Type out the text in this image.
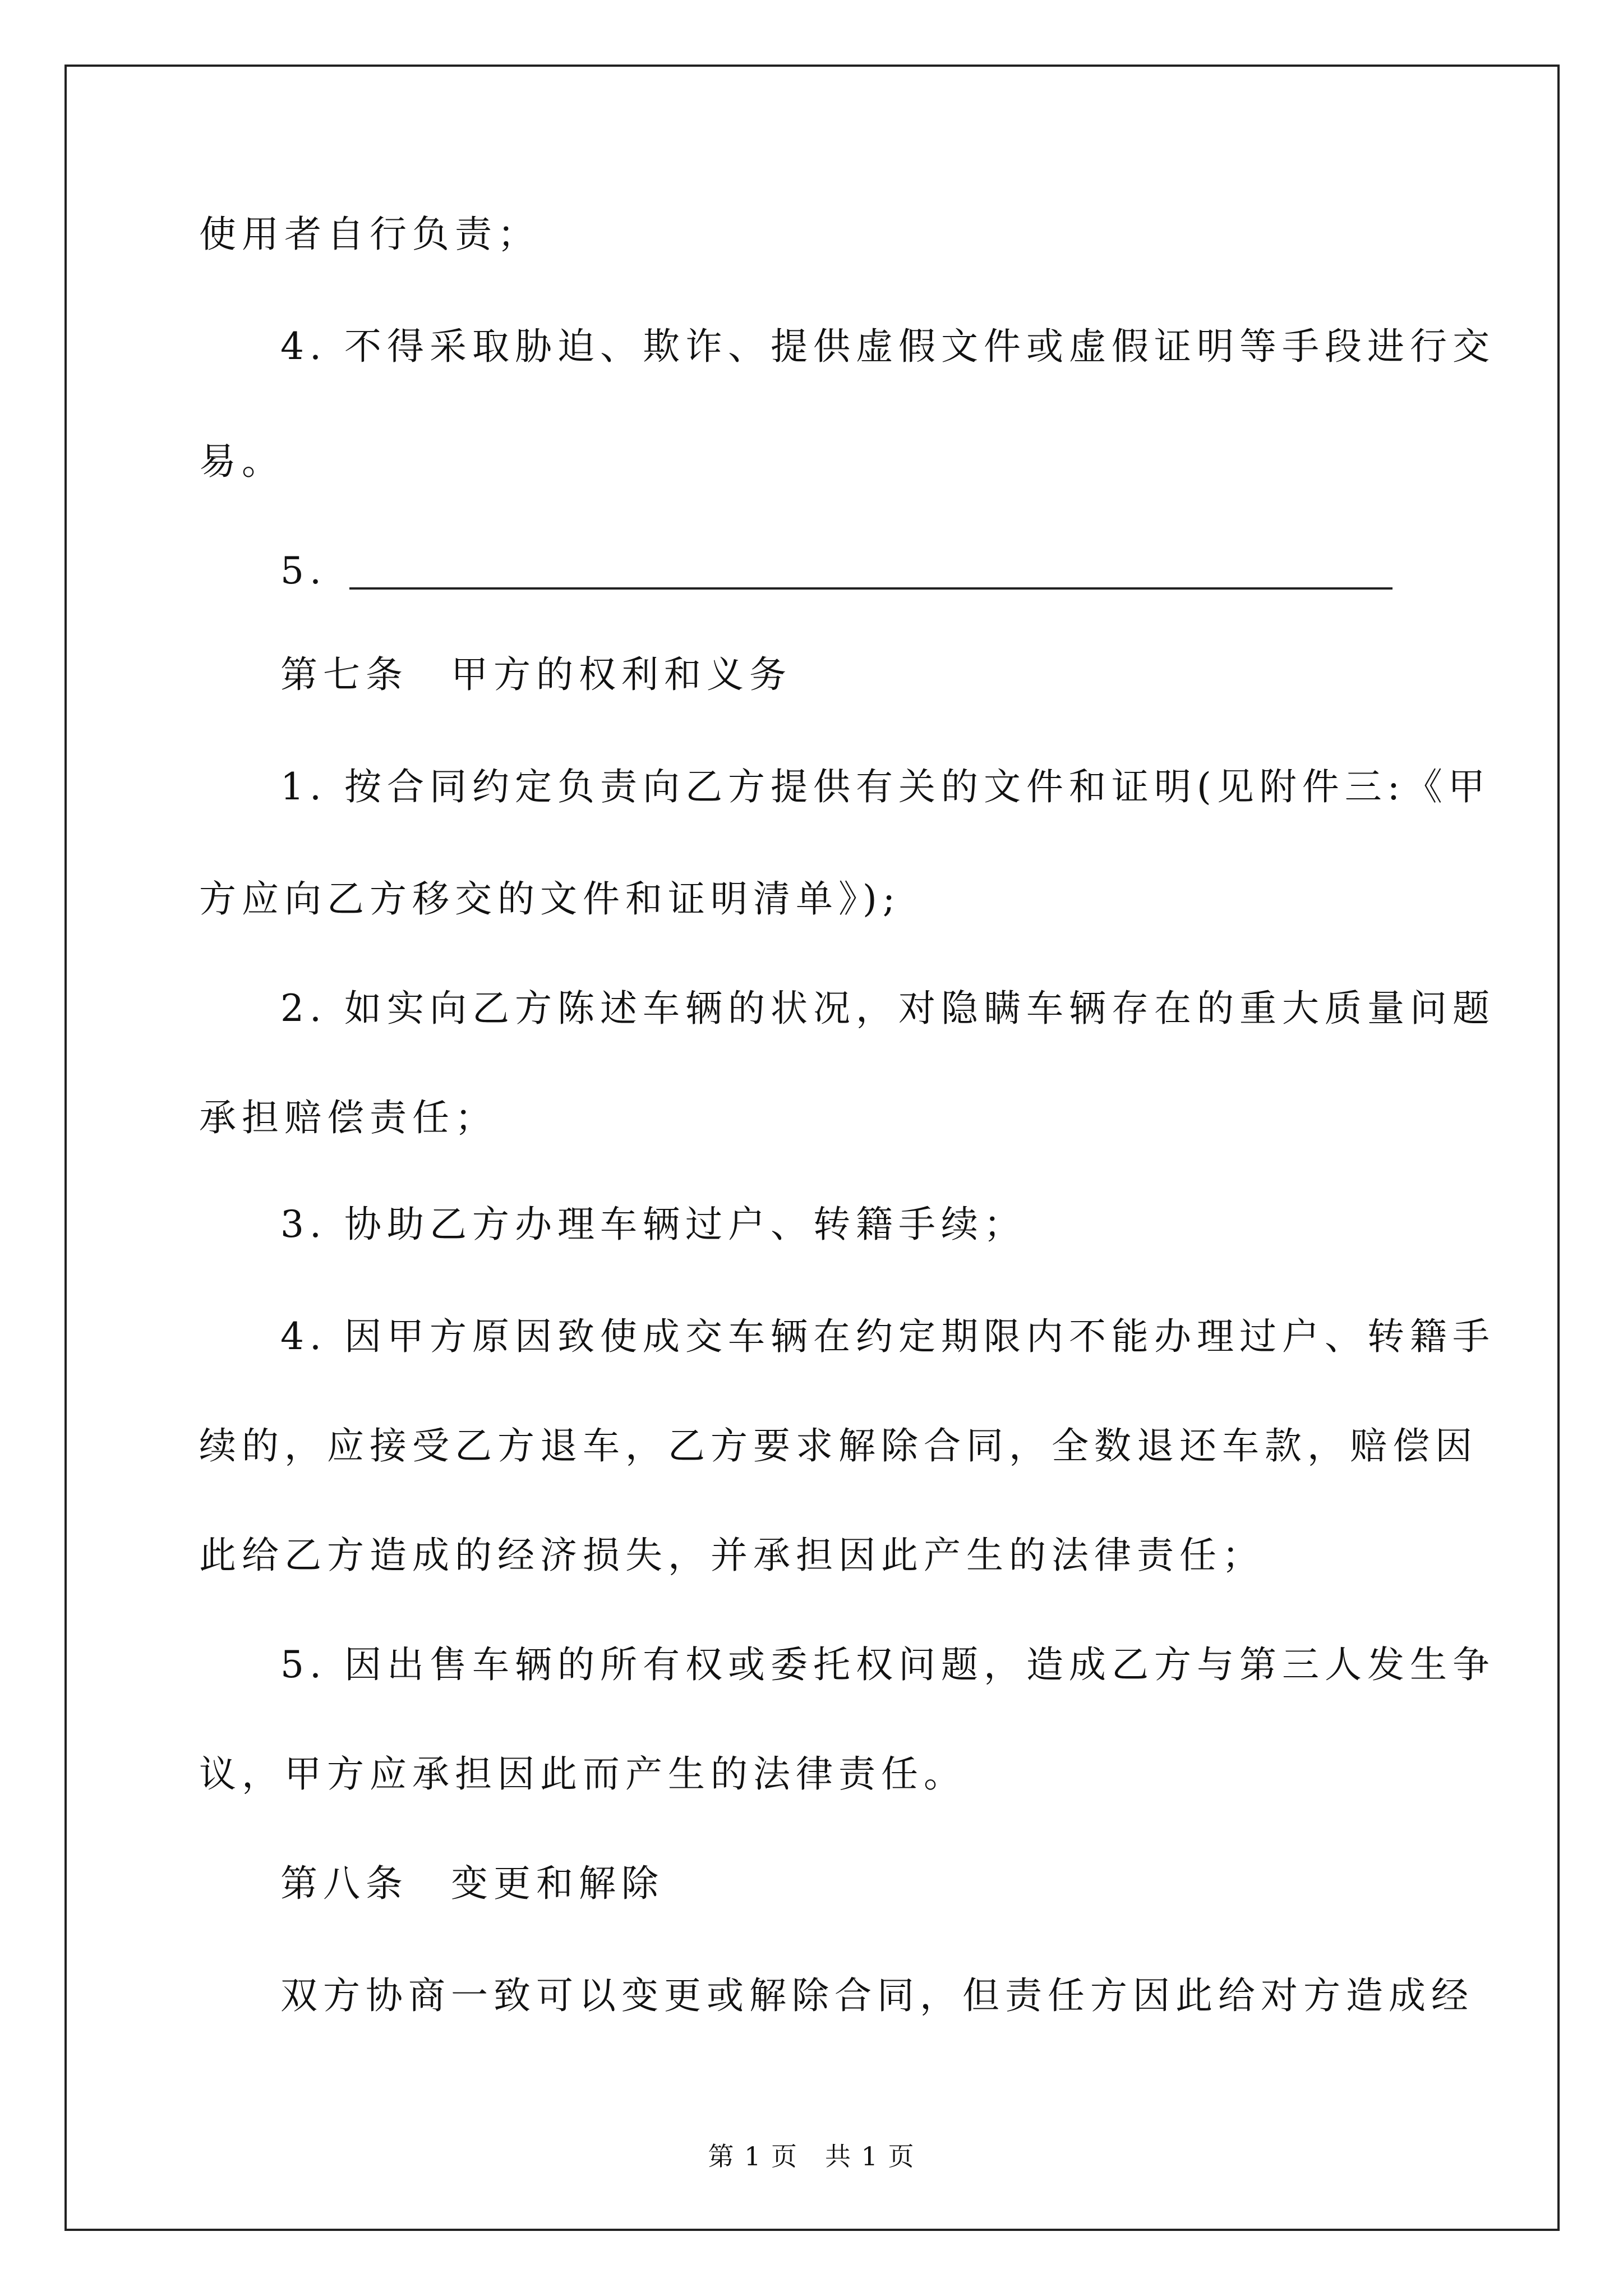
使用者自行负责；
4. 不得采取胁迫、欺诈、提供虚假文件或虚假证明等手段进行交
易。
5.
第七条　甲方的权利和义务
1. 按合同约定负责向乙方提供有关的文件和证明(见附件三:《甲
方应向乙方移交的文件和证明清单》);
2. 如实向乙方陈述车辆的状况，对隐瞒车辆存在的重大质量问题
承担赔偿责任；
3. 协助乙方办理车辆过户、转籍手续；
4. 因甲方原因致使成交车辆在约定期限内不能办理过户、转籍手
续的，应接受乙方退车，乙方要求解除合同，全数退还车款，赔偿因
此给乙方造成的经济损失，并承担因此产生的法律责任；
5. 因出售车辆的所有权或委托权问题，造成乙方与第三人发生争
议，甲方应承担因此而产生的法律责任。
第八条　变更和解除
双方协商一致可以变更或解除合同，但责任方因此给对方造成经
第 1 页　共 1 页
